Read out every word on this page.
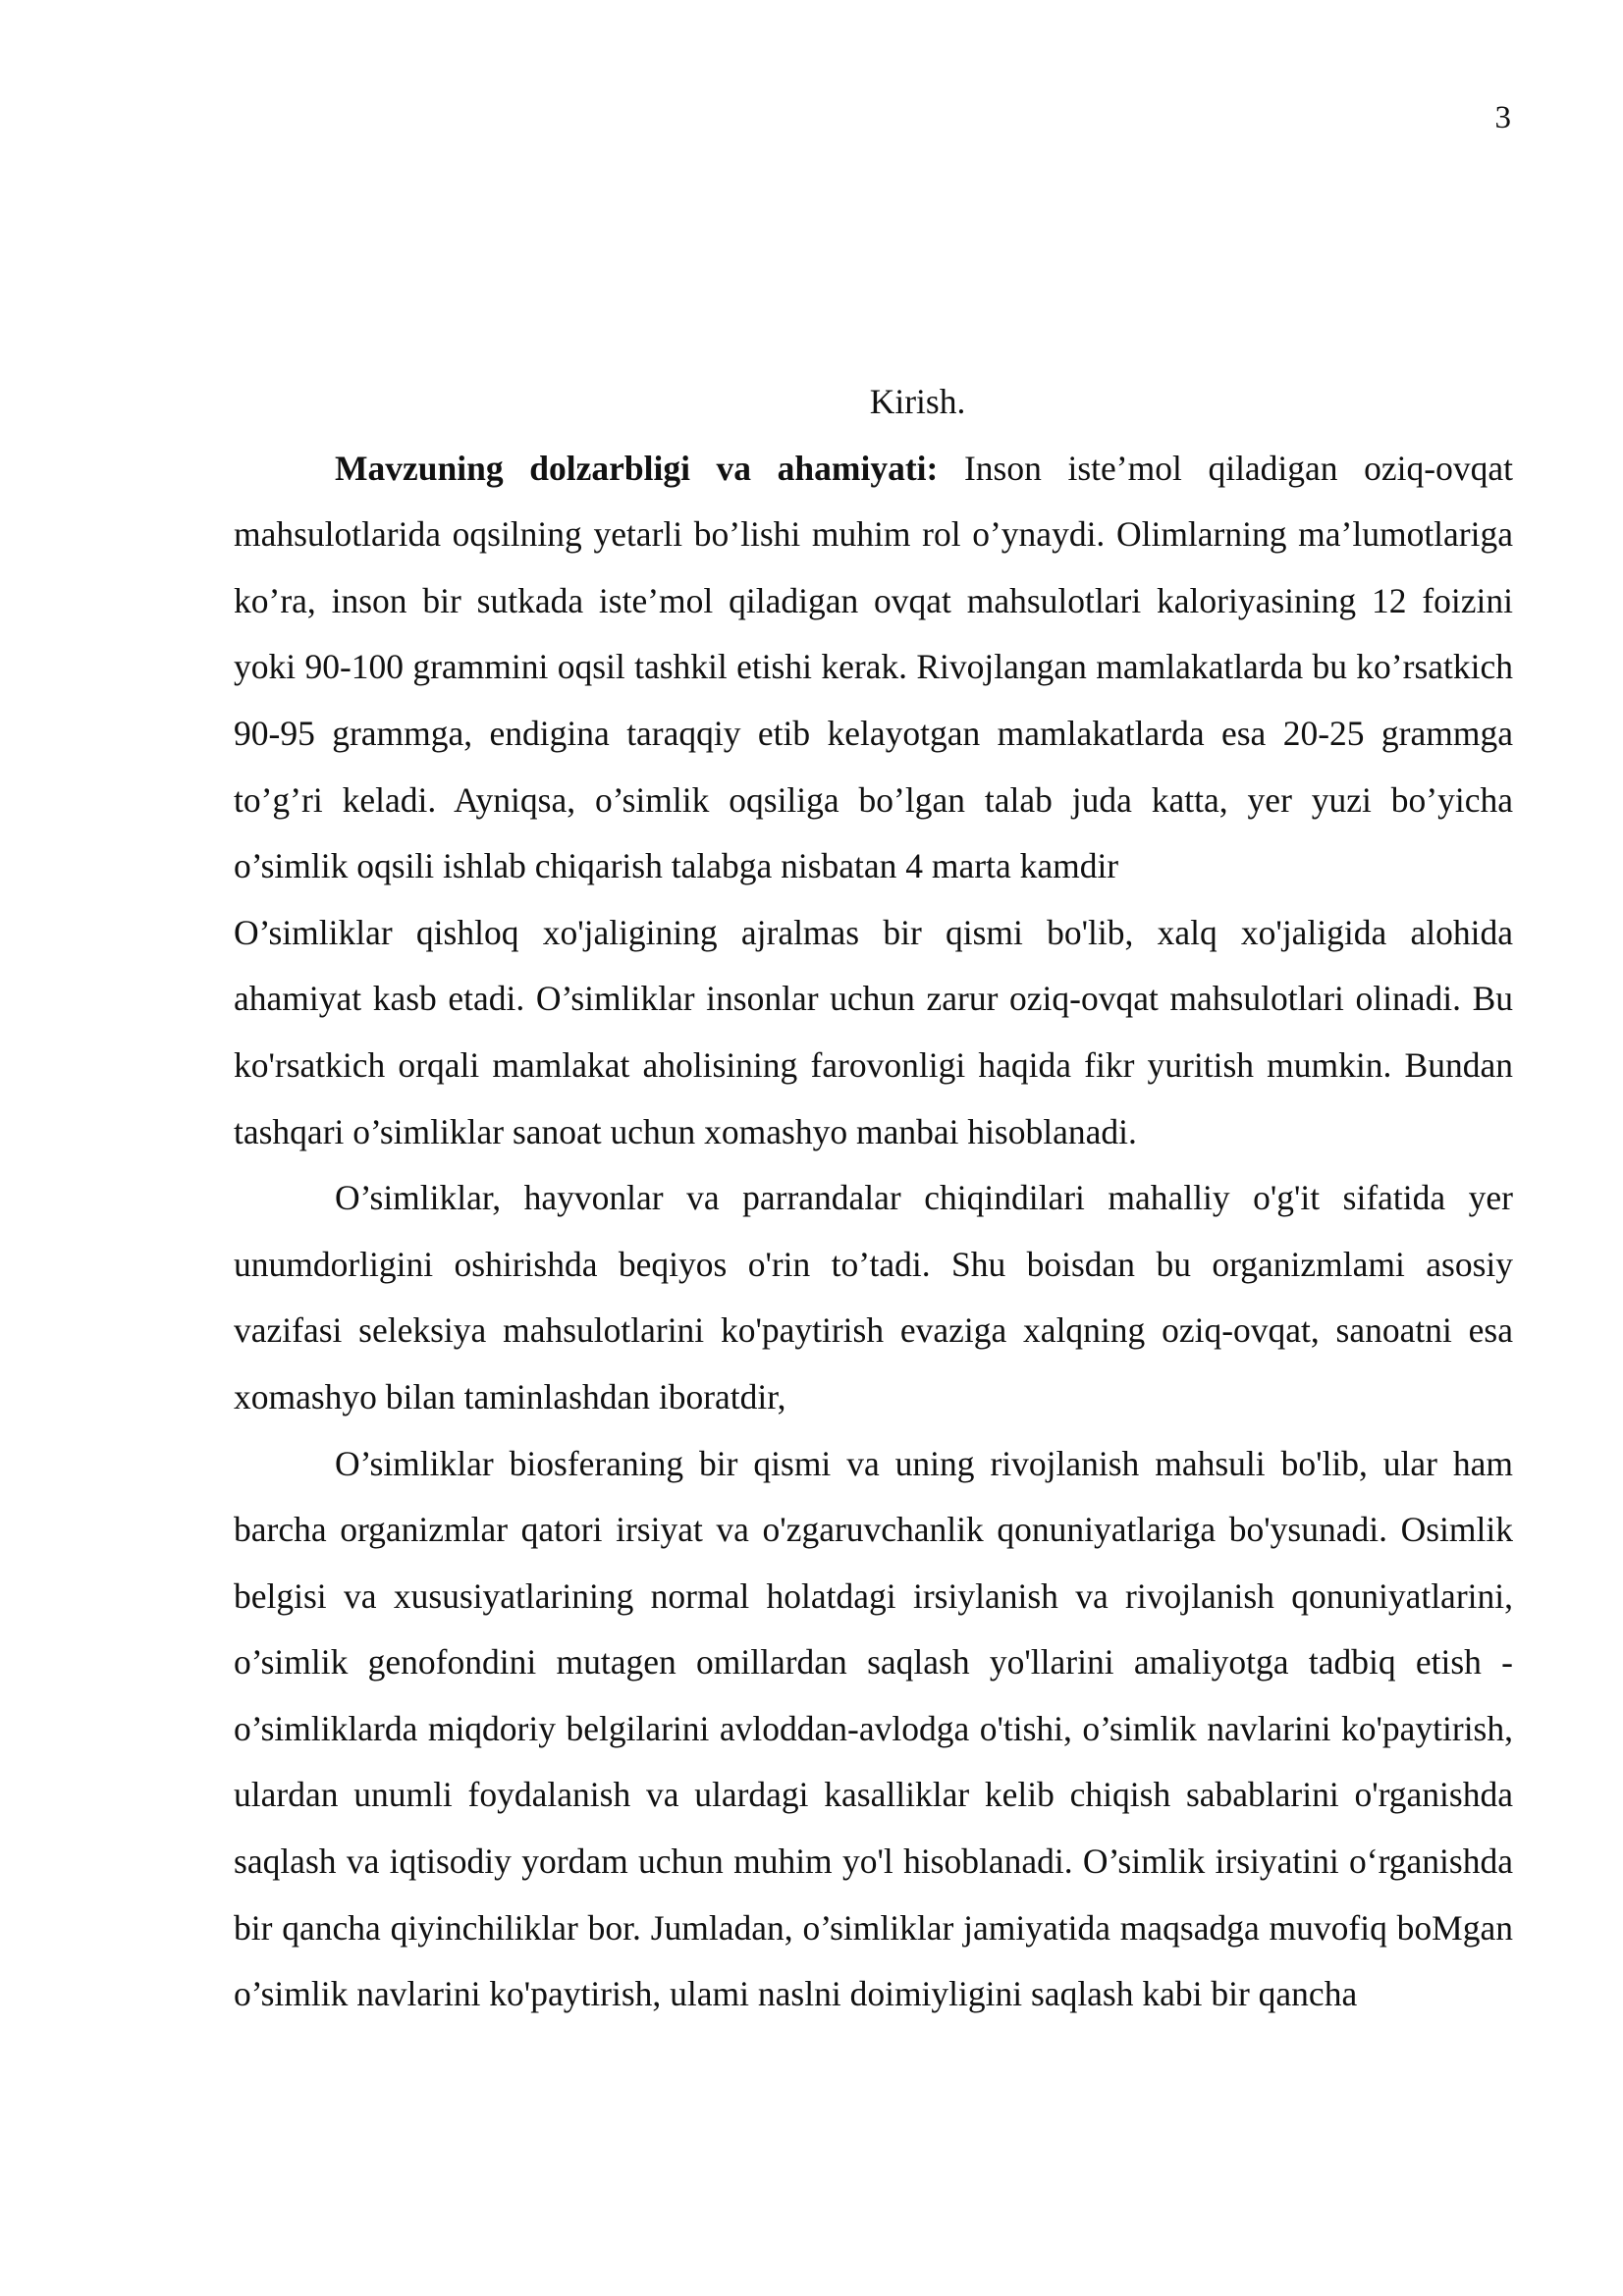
3
Kirish.

Mavzuning dolzarbligi va ahamiyati: Inson iste’mol qiladigan oziq-ovqat mahsulotlarida oqsilning yetarli bo’lishi muhim rol o’ynaydi. Olimlarning ma’lumotlariga ko’ra, inson bir sutkada iste’mol qiladigan ovqat mahsulotlari kaloriyasining 12 foizini yoki 90-100 grammini oqsil tashkil etishi kerak. Rivojlangan mamlakatlarda bu ko’rsatkich 90-95 grammga, endigina taraqqiy etib kelayotgan mamlakatlarda esa 20-25 grammga to’g’ri keladi. Ayniqsa, o’simlik oqsiliga bo’lgan talab juda katta, yer yuzi bo’yicha o’simlik oqsili ishlab chiqarish talabga nisbatan 4 marta kamdir

O’simliklar qishloq xo'jaligining ajralmas bir qismi bo'lib, xalq xo'jaligida alohida ahamiyat kasb etadi. O’simliklar insonlar uchun zarur oziq-ovqat mahsulotlari olinadi. Bu ko'rsatkich orqali mamlakat aholisining farovonligi haqida fikr yuritish mumkin. Bundan tashqari o’simliklar sanoat uchun xomashyo manbai hisoblanadi.

O’simliklar, hayvonlar va parrandalar chiqindilari mahalliy o'g'it sifatida yer unumdorligini oshirishda beqiyos o'rin to’tadi. Shu boisdan bu organizmlami asosiy vazifasi seleksiya mahsulotlarini ko'paytirish evaziga xalqning oziq-ovqat, sanoatni esa xomashyo bilan taminlashdan iboratdir,

O’simliklar biosferaning bir qismi va uning rivojlanish mahsuli bo'lib, ular ham barcha organizmlar qatori irsiyat va o'zgaruvchanlik qonuniyatlariga bo'ysunadi. Osimlik belgisi va xususiyatlarining normal holatdagi irsiylanish va rivojlanish qonuniyatlarini, o’simlik genofondini mutagen omillardan saqlash yo'llarini amaliyotga tadbiq etish - o’simliklarda miqdoriy belgilarini avloddan-avlodga o'tishi, o’simlik navlarini ko'paytirish, ulardan unumli foydalanish va ulardagi kasalliklar kelib chiqish sabablarini o'rganishda saqlash va iqtisodiy yordam uchun muhim yo'l hisoblanadi. O’simlik irsiyatini o‘rganishda bir qancha qiyinchiliklar bor. Jumladan, o’simliklar jamiyatida maqsadga muvofiq boMgan o’simlik navlarini ko'paytirish, ulami naslni doimiyligini saqlash kabi bir qancha
